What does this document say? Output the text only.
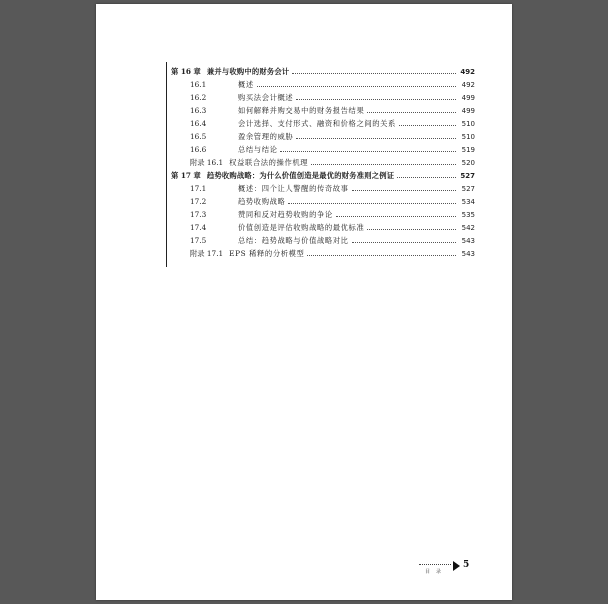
第 16 章 兼并与收购中的财务会计	492
16.1	概述	492
16.2	购买法会计概述	499
16.3	如何解释并购交易中的财务报告结果	499
16.4	会计选择、支付形式、融资和价格之间的关系	510
16.5	盈余管理的威胁	510
16.6	总结与结论	519
附录 16.1 权益联合法的操作机理	520
第 17 章 趋势收购战略：为什么价值创造是最优的财务准则之例证	527
17.1	概述：四个让人警醒的传奇故事	527
17.2	趋势收购战略	534
17.3	赞同和反对趋势收购的争论	535
17.4	价值创造是评估收购战略的最优标准	542
17.5	总结：趋势战略与价值战略对比	543
附录 17.1 EPS 稀释的分析模型	543
目录
5
